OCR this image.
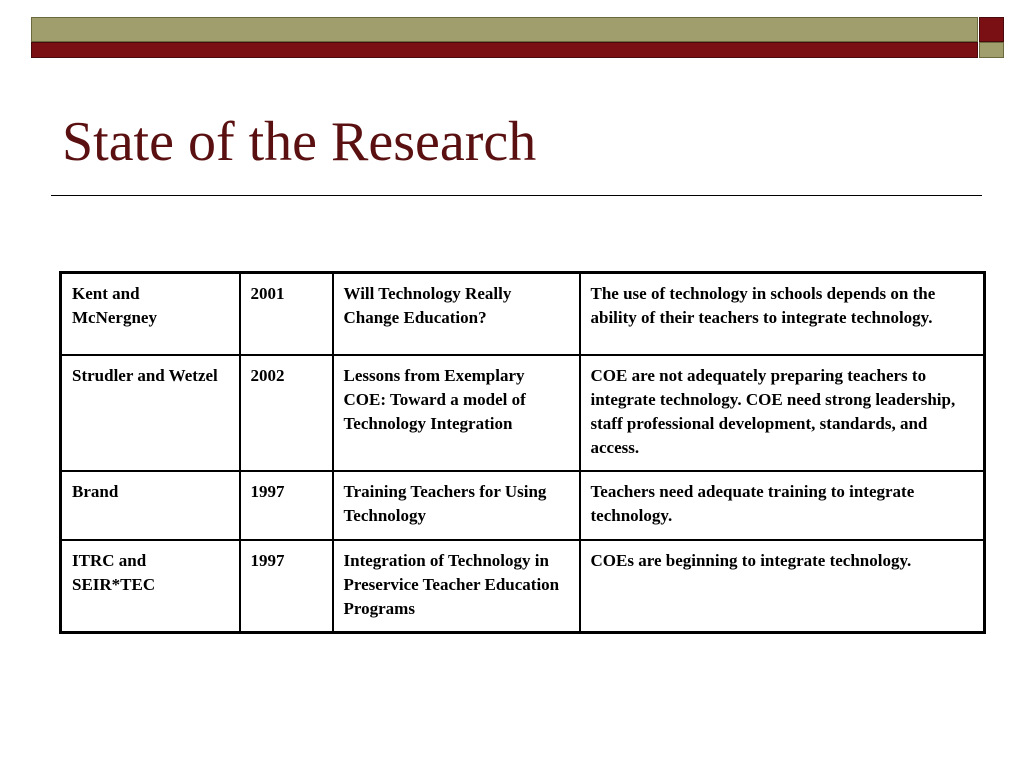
State of the Research
Kent and McNergney	2001	Will Technology Really Change Education?	The use of technology in schools depends on the ability of their teachers to integrate technology.
Strudler and Wetzel	2002	Lessons from Exemplary COE: Toward a model of Technology Integration	COE are not adequately preparing teachers to integrate technology. COE need strong leadership, staff professional development, standards, and access.
Brand	1997	Training Teachers for Using Technology	Teachers need adequate training to integrate technology.
ITRC and SEIR*TEC	1997	Integration of Technology in Preservice Teacher Education Programs	COEs are beginning to integrate technology.
